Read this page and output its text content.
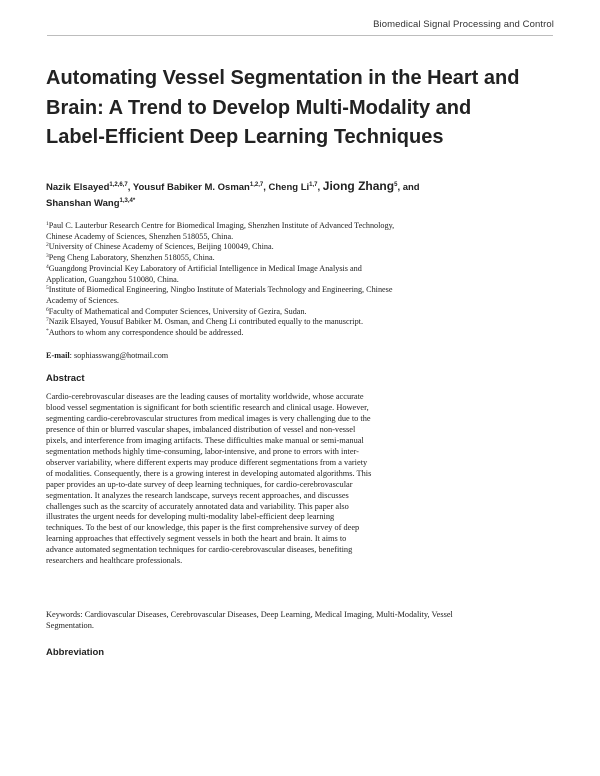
Biomedical Signal Processing and Control
Automating Vessel Segmentation in the Heart and
Brain: A Trend to Develop Multi-Modality and
Label-Efficient Deep Learning Techniques
Nazik Elsayed$^{1,2,6,7}$, Yousuf Babiker M. Osman$^{1,2,7}$, Cheng Li$^{1,7}$, Jiong Zhang$^5$, and
Shanshan Wang$^{1,3,4*}$
$^1$Paul C. Lauterbur Research Centre for Biomedical Imaging, Shenzhen Institute of Advanced Technology,
Chinese Academy of Sciences, Shenzhen 518055, China.
$^2$University of Chinese Academy of Sciences, Beijing 100049, China.
$^3$Peng Cheng Laboratory, Shenzhen 518055, China.
$^4$Guangdong Provincial Key Laboratory of Artificial Intelligence in Medical Image Analysis and
Application, Guangzhou 510080, China.
$^5$Institute of Biomedical Engineering, Ningbo Institute of Materials Technology and Engineering, Chinese
Academy of Sciences.
$^6$Faculty of Mathematical and Computer Sciences, University of Gezira, Sudan.
$^7$Nazik Elsayed, Yousuf Babiker M. Osman, and Cheng Li contributed equally to the manuscript.
*Authors to whom any correspondence should be addressed.
E-mail: sophiasswang@hotmail.com
Abstract
Cardio-cerebrovascular diseases are the leading causes of mortality worldwide, whose accurate
blood vessel segmentation is significant for both scientific research and clinical usage. However,
segmenting cardio-cerebrovascular structures from medical images is very challenging due to the
presence of thin or blurred vascular shapes, imbalanced distribution of vessel and non-vessel
pixels, and interference from imaging artifacts. These difficulties make manual or semi-manual
segmentation methods highly time-consuming, labor-intensive, and prone to errors with inter-
observer variability, where different experts may produce different segmentations from a variety
of modalities. Consequently, there is a growing interest in developing automated algorithms. This
paper provides an up-to-date survey of deep learning techniques, for cardio-cerebrovascular
segmentation. It analyzes the research landscape, surveys recent approaches, and discusses
challenges such as the scarcity of accurately annotated data and variability. This paper also
illustrates the urgent needs for developing multi-modality label-efficient deep learning
techniques. To the best of our knowledge, this paper is the first comprehensive survey of deep
learning approaches that effectively segment vessels in both the heart and brain. It aims to
advance automated segmentation techniques for cardio-cerebrovascular diseases, benefiting
researchers and healthcare professionals.
Keywords: Cardiovascular Diseases, Cerebrovascular Diseases, Deep Learning, Medical Imaging, Multi-Modality, Vessel
Segmentation.
Abbreviation
